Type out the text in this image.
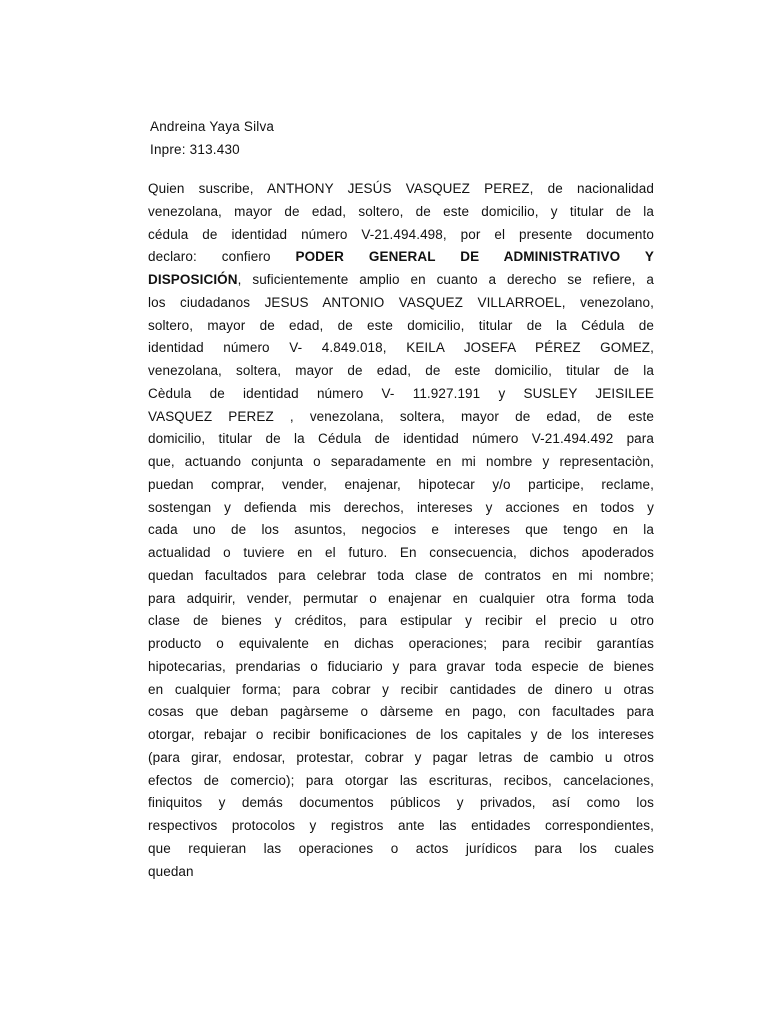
Andreina Yaya Silva
Inpre: 313.430
Quien suscribe, ANTHONY JESÚS VASQUEZ PEREZ, de nacionalidad
venezolana, mayor de edad, soltero, de este domicilio, y titular de la
cédula de identidad número V-21.494.498, por el presente documento
declaro: confiero PODER GENERAL DE ADMINISTRATIVO Y
DISPOSICIÓN, suficientemente amplio en cuanto a derecho se refiere, a
los ciudadanos JESUS ANTONIO VASQUEZ VILLARROEL, venezolano,
soltero, mayor de edad, de este domicilio, titular de la Cédula de
identidad número V- 4.849.018, KEILA JOSEFA PÉREZ GOMEZ,
venezolana, soltera, mayor de edad, de este domicilio, titular de la
Cèdula de identidad número V- 11.927.191 y SUSLEY JEISILEE
VASQUEZ PEREZ , venezolana, soltera, mayor de edad, de este
domicilio, titular de la Cédula de identidad número V-21.494.492 para
que, actuando conjunta o separadamente en mi nombre y representaciòn,
puedan comprar, vender, enajenar, hipotecar y/o participe, reclame,
sostengan y defienda mis derechos, intereses y acciones en todos y
cada uno de los asuntos, negocios e intereses que tengo en la
actualidad o tuviere en el futuro. En consecuencia, dichos apoderados
quedan facultados para celebrar toda clase de contratos en mi nombre;
para adquirir, vender, permutar o enajenar en cualquier otra forma toda
clase de bienes y créditos, para estipular y recibir el precio u otro
producto o equivalente en dichas operaciones; para recibir garantías
hipotecarias, prendarias o fiduciario y para gravar toda especie de bienes
en cualquier forma; para cobrar y recibir cantidades de dinero u otras
cosas que deban pagàrseme o dàrseme en pago, con facultades para
otorgar, rebajar o recibir bonificaciones de los capitales y de los intereses
(para girar, endosar, protestar, cobrar y pagar letras de cambio u otros
efectos de comercio); para otorgar las escrituras, recibos, cancelaciones,
finiquitos y demás documentos públicos y privados, así como los
respectivos protocolos y registros ante las entidades correspondientes,
que requieran las operaciones o actos jurídicos para los cuales
quedan
